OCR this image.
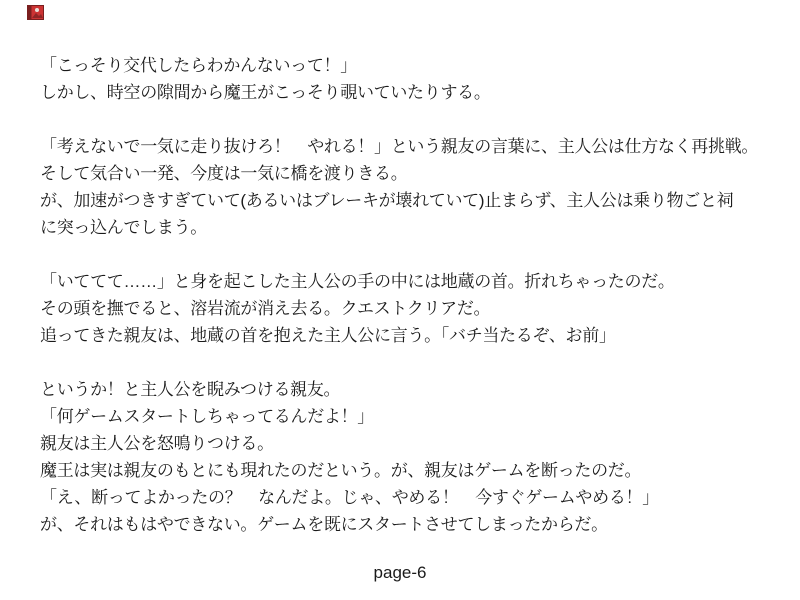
「こっそり交代したらわかんないって！」
しかし、時空の隙間から魔王がこっそり覗いていたりする。
「考えないで一気に走り抜けろ！　やれる！」という親友の言葉に、主人公は仕方なく再挑戦。
そして気合い一発、今度は一気に橋を渡りきる。
が、加速がつきすぎていて(あるいはブレーキが壊れていて)止まらず、主人公は乗り物ごと祠
に突っ込んでしまう。
「いててて……」と身を起こした主人公の手の中には地蔵の首。折れちゃったのだ。
その頭を撫でると、溶岩流が消え去る。クエストクリアだ。
追ってきた親友は、地蔵の首を抱えた主人公に言う。「バチ当たるぞ、お前」
というか！と主人公を睨みつける親友。
「何ゲームスタートしちゃってるんだよ！」
親友は主人公を怒鳴りつける。
魔王は実は親友のもとにも現れたのだという。が、親友はゲームを断ったのだ。
「え、断ってよかったの？　なんだよ。じゃ、やめる！　今すぐゲームやめる！」
が、それはもはやできない。ゲームを既にスタートさせてしまったからだ。
page-6
